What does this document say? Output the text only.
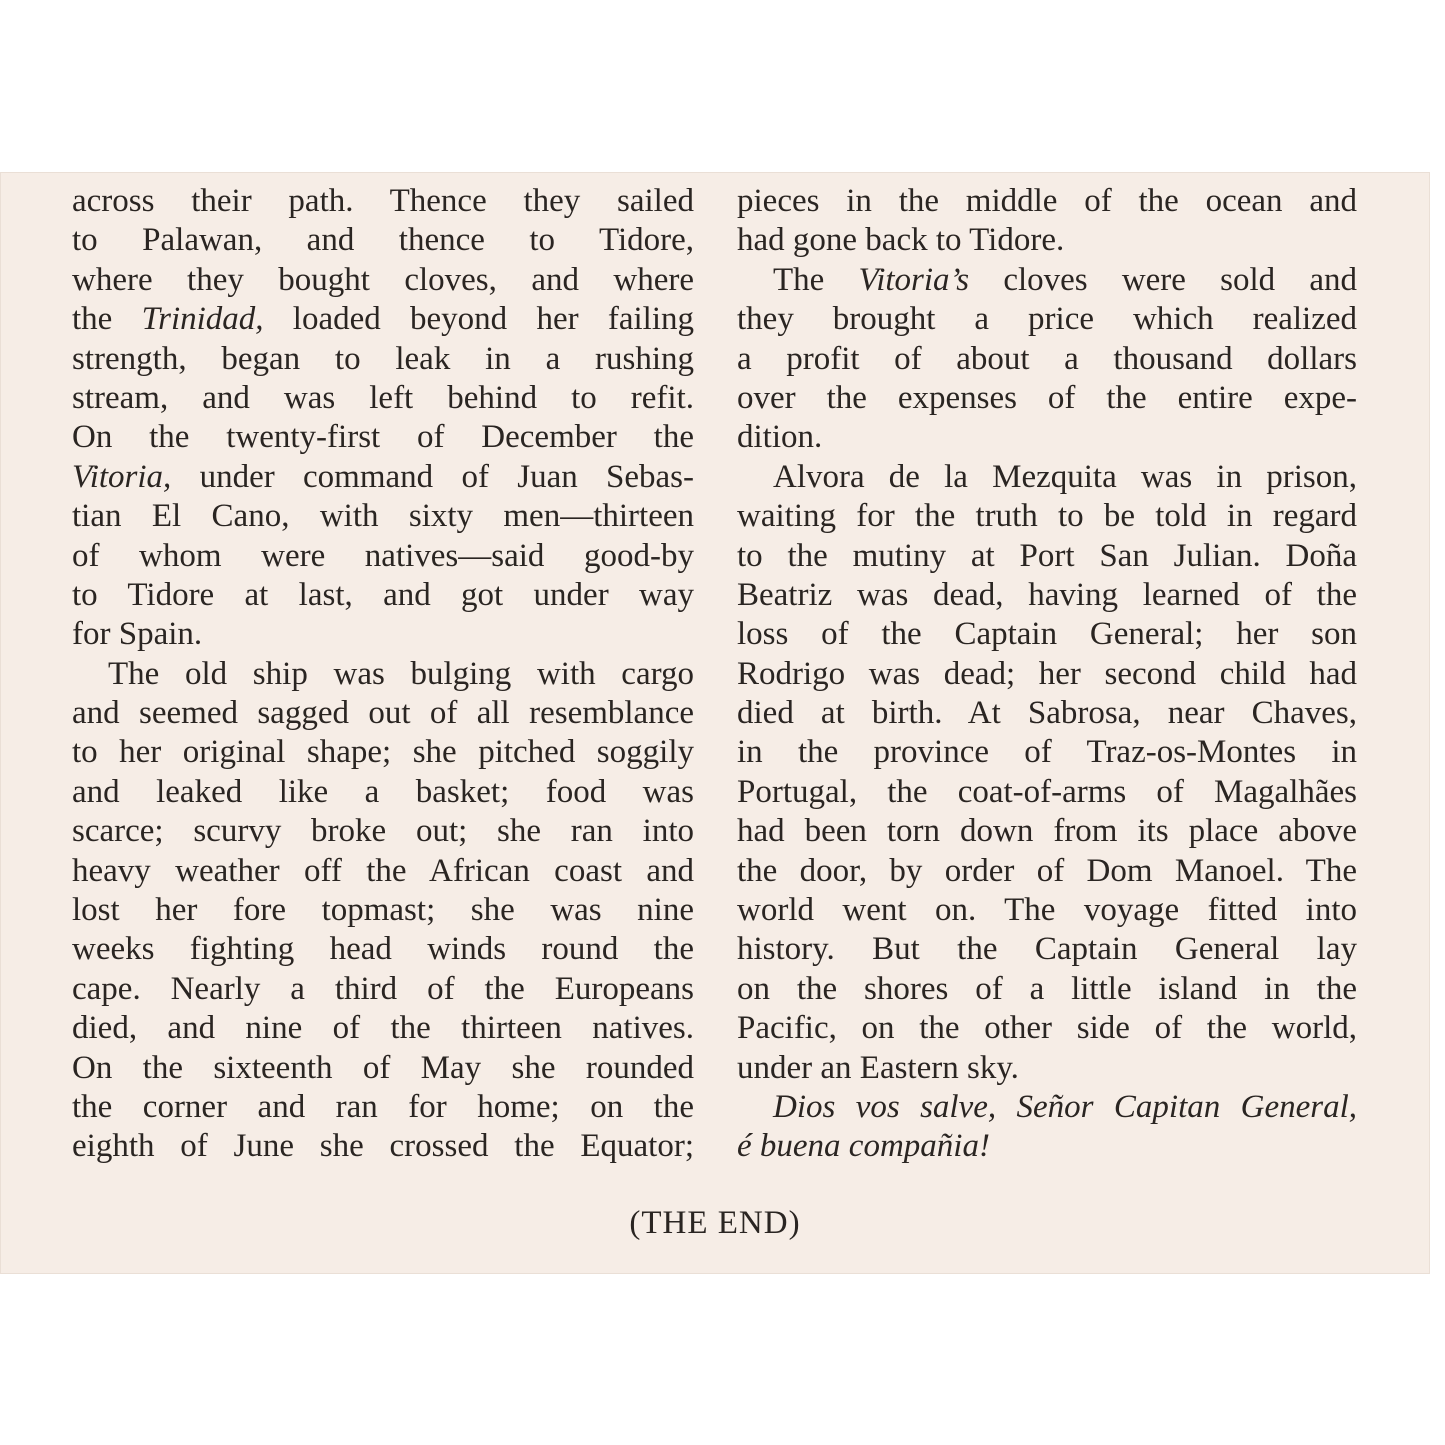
across their path. Thence they sailed
to Palawan, and thence to Tidore,
where they bought cloves, and where
the Trinidad, loaded beyond her failing
strength, began to leak in a rushing
stream, and was left behind to refit.
On the twenty-first of December the
Vitoria, under command of Juan Sebas-
tian El Cano, with sixty men—thirteen
of whom were natives—said good-by
to Tidore at last, and got under way
for Spain.
The old ship was bulging with cargo
and seemed sagged out of all resemblance
to her original shape; she pitched soggily
and leaked like a basket; food was
scarce; scurvy broke out; she ran into
heavy weather off the African coast and
lost her fore topmast; she was nine
weeks fighting head winds round the
cape. Nearly a third of the Europeans
died, and nine of the thirteen natives.
On the sixteenth of May she rounded
the corner and ran for home; on the
eighth of June she crossed the Equator;
pieces in the middle of the ocean and
had gone back to Tidore.
The Vitoria’s cloves were sold and
they brought a price which realized
a profit of about a thousand dollars
over the expenses of the entire expe-
dition.
Alvora de la Mezquita was in prison,
waiting for the truth to be told in regard
to the mutiny at Port San Julian. Doña
Beatriz was dead, having learned of the
loss of the Captain General; her son
Rodrigo was dead; her second child had
died at birth. At Sabrosa, near Chaves,
in the province of Traz-os-Montes in
Portugal, the coat-of-arms of Magalhães
had been torn down from its place above
the door, by order of Dom Manoel. The
world went on. The voyage fitted into
history. But the Captain General lay
on the shores of a little island in the
Pacific, on the other side of the world,
under an Eastern sky.
Dios vos salve, Señor Capitan General,
é buena compañia!
(THE END)
